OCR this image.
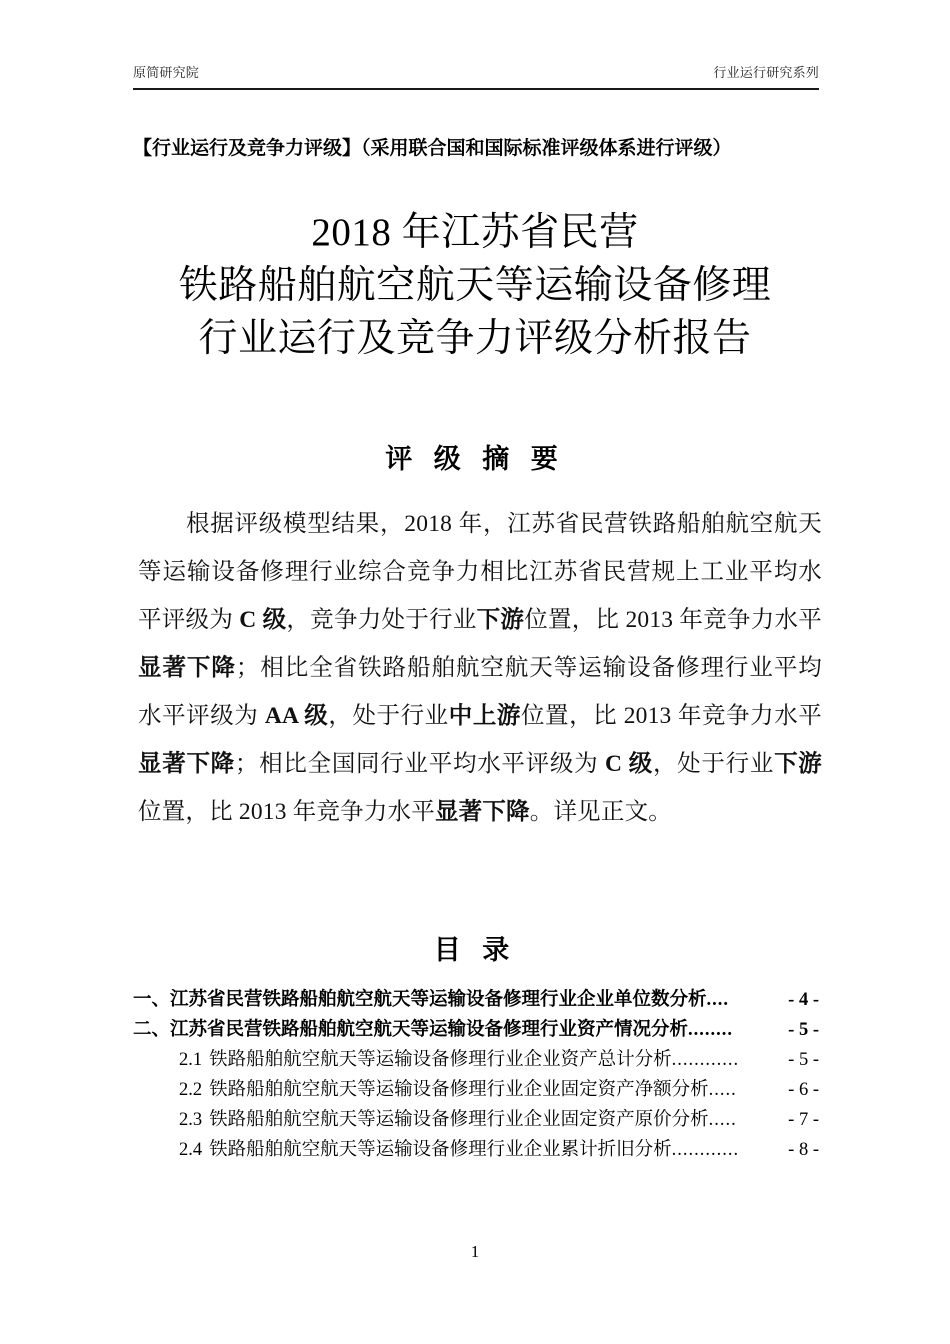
原简研究院	行业运行研究系列
【行业运行及竞争力评级】（采用联合国和国际标准评级体系进行评级）
2018 年江苏省民营
铁路船舶航空航天等运输设备修理
行业运行及竞争力评级分析报告
评 级 摘 要
根据评级模型结果，2018 年，江苏省民营铁路船舶航空航天等运输设备修理行业综合竞争力相比江苏省民营规上工业平均水平评级为 C 级，竞争力处于行业下游位置，比 2013 年竞争力水平显著下降；相比全省铁路船舶航空航天等运输设备修理行业平均水平评级为 AA 级，处于行业中上游位置，比 2013 年竞争力水平显著下降；相比全国同行业平均水平评级为 C 级，处于行业下游位置，比 2013 年竞争力水平显著下降。详见正文。
目 录
一、 江苏省民营铁路船舶航空航天等运输设备修理行业企业单位数分析 ....	- 4 -
二、 江苏省民营铁路船舶航空航天等运输设备修理行业资产情况分析 ........	- 5 -
2.1 铁路船舶航空航天等运输设备修理行业企业资产总计分析 ............	- 5 -
2.2 铁路船舶航空航天等运输设备修理行业企业固定资产净额分析 .....	- 6 -
2.3 铁路船舶航空航天等运输设备修理行业企业固定资产原价分析 .....	- 7 -
2.4 铁路船舶航空航天等运输设备修理行业企业累计折旧分析 ............	- 8 -
1
